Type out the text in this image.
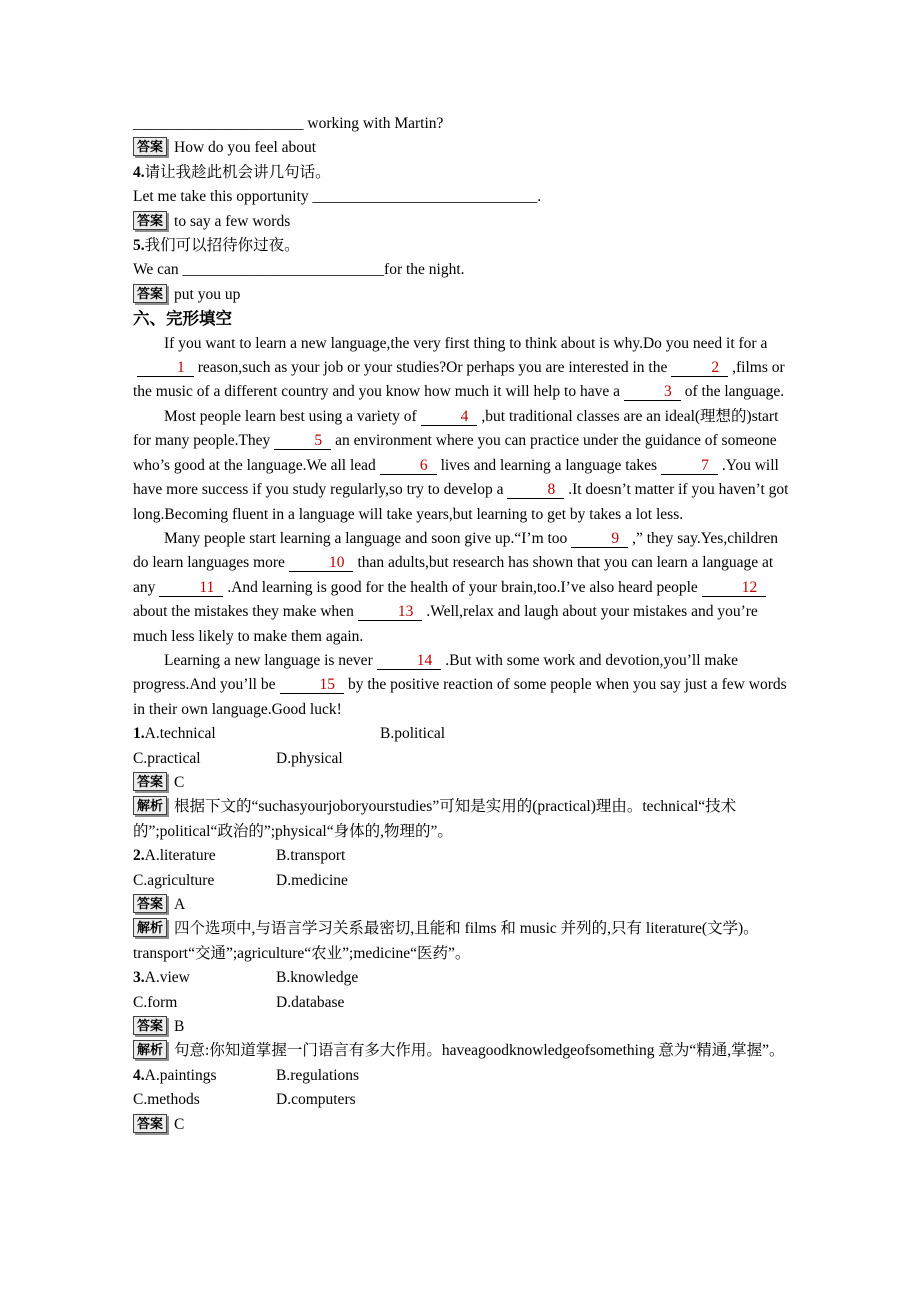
______________________ working with Martin?
答案 How do you feel about
4.请让我趁此机会讲几句话。
Let me take this opportunity _____________________________.
答案 to say a few words
5.我们可以招待你过夜。
We can __________________________for the night.
答案 put you up
六、完形填空
If you want to learn a new language,the very first thing to think about is why.Do you need it for a1 reason,such as your job or your studies?Or perhaps you are interested in the	2 ,films or the music of a different country and you know how much it will help to have a	3 of the language.
Most people learn best using a variety of	4 ,but traditional classes are an ideal(理想的)start for many people.They	5 an environment where you can practice under the guidance of someone who’s good at the language.We all lead	6 lives and learning a language takes	7 .You will have more success if you study regularly,so try to develop a	8 .It doesn’t matter if you haven’t got long.Becoming fluent in a language will take years,but learning to get by takes a lot less.
Many people start learning a language and soon give up.“I’m too	9 ,” they say.Yes,children do learn languages more	10 than adults,but research has shown that you can learn a language at any	11 .And learning is good for the health of your brain,too.I’ve also heard people	12about the mistakes they make when	13 .Well,relax and laugh about your mistakes and you’re much less likely to make them again.
Learning a new language is never	14 .But with some work and devotion,you’ll make progress.And you’ll be	15 by the positive reaction of some people when you say just a few words in their own language.Good luck!
1.A.technical	B.political
C.practical	D.physical
答案 C
解析 根据下文的“suchasyourjoboryourstudies”可知是实用的(practical)理由。technical“技术的”;political“政治的”;physical“身体的,物理的”。
2.A.literature	B.transport
C.agriculture	D.medicine
答案 A
解析 四个选项中,与语言学习关系最密切,且能和 films 和 music 并列的,只有 literature(文学)。transport“交通”;agriculture“农业”;medicine“医药”。
3.A.view	B.knowledge
C.form	D.database
答案 B
解析 句意:你知道掌握一门语言有多大作用。haveagoodknowledgeofsomething 意为“精通,掌握”。
4.A.paintings	B.regulations
C.methods	D.computers
答案 C
